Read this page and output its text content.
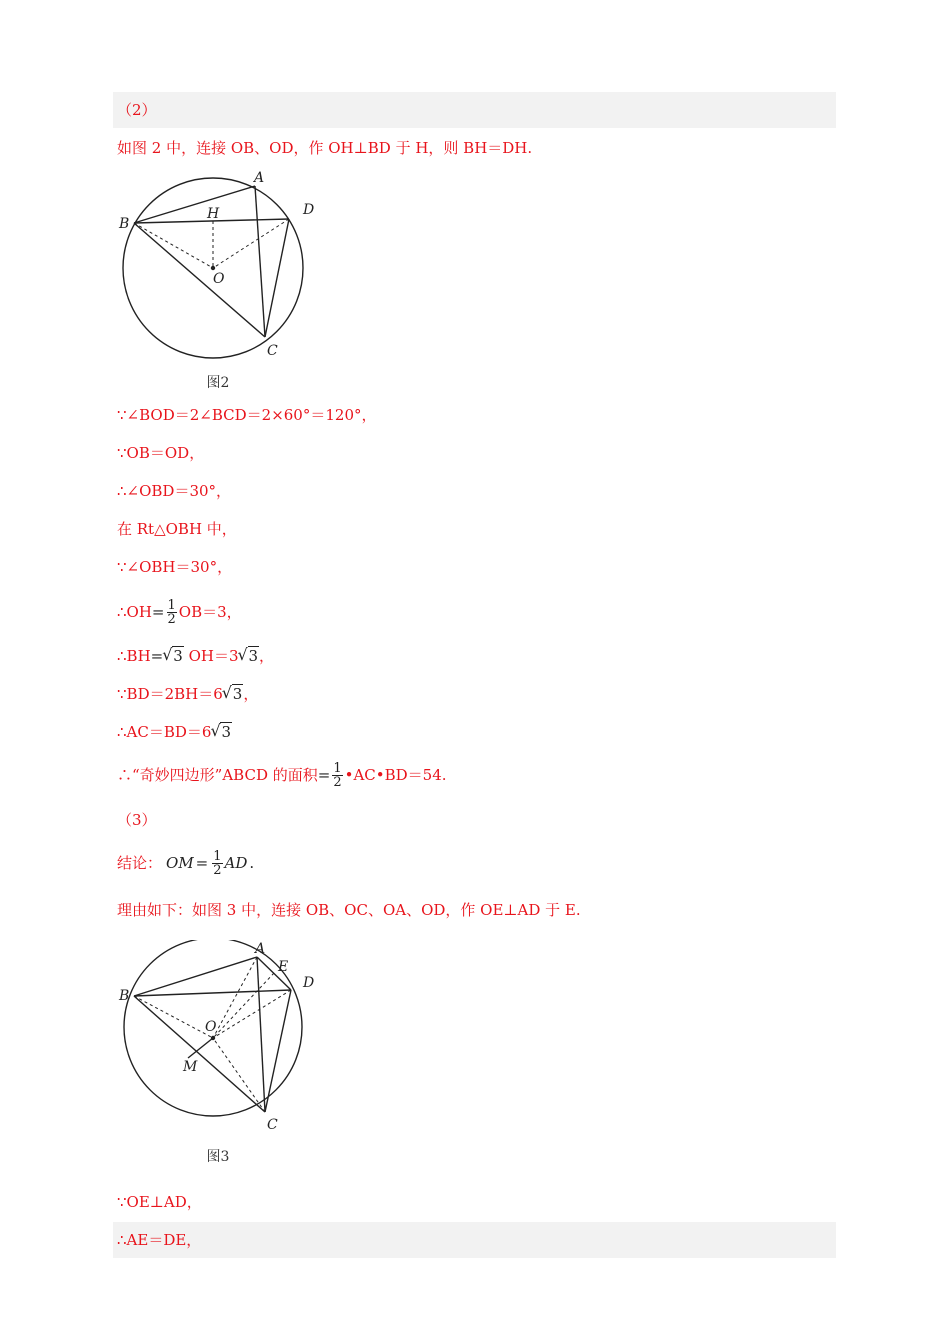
（2）
如图 2 中，连接 OB、OD，作 OH⊥BD 于 H，则 BH＝DH.
A
B
C
D
H
O
图2
∵∠BOD＝2∠BCD＝2×60°＝120°，
∵OB＝OD，
∴∠OBD＝30°，
在 Rt△OBH 中，
∵∠OBH＝30°，
∴OH = $\frac{1}{2} OB=3$，
∴BH= √ 3 OH＝3 √ 3，
∵BD＝2BH＝6 √ 3，
∴AC＝BD＝6 √ 3
∴“奇妙四边形”ABCD 的面积 = $\frac{1}{2}$ •AC•BD＝54.
（3）
结论： OM = $\frac{1}{2}$ AD .
理由如下：如图 3 中，连接 OB、OC、OA、OD，作 OE⊥AD 于 E.
A
B
C
D
E
O
M
图3
∵OE⊥AD，
∴AE＝DE，
